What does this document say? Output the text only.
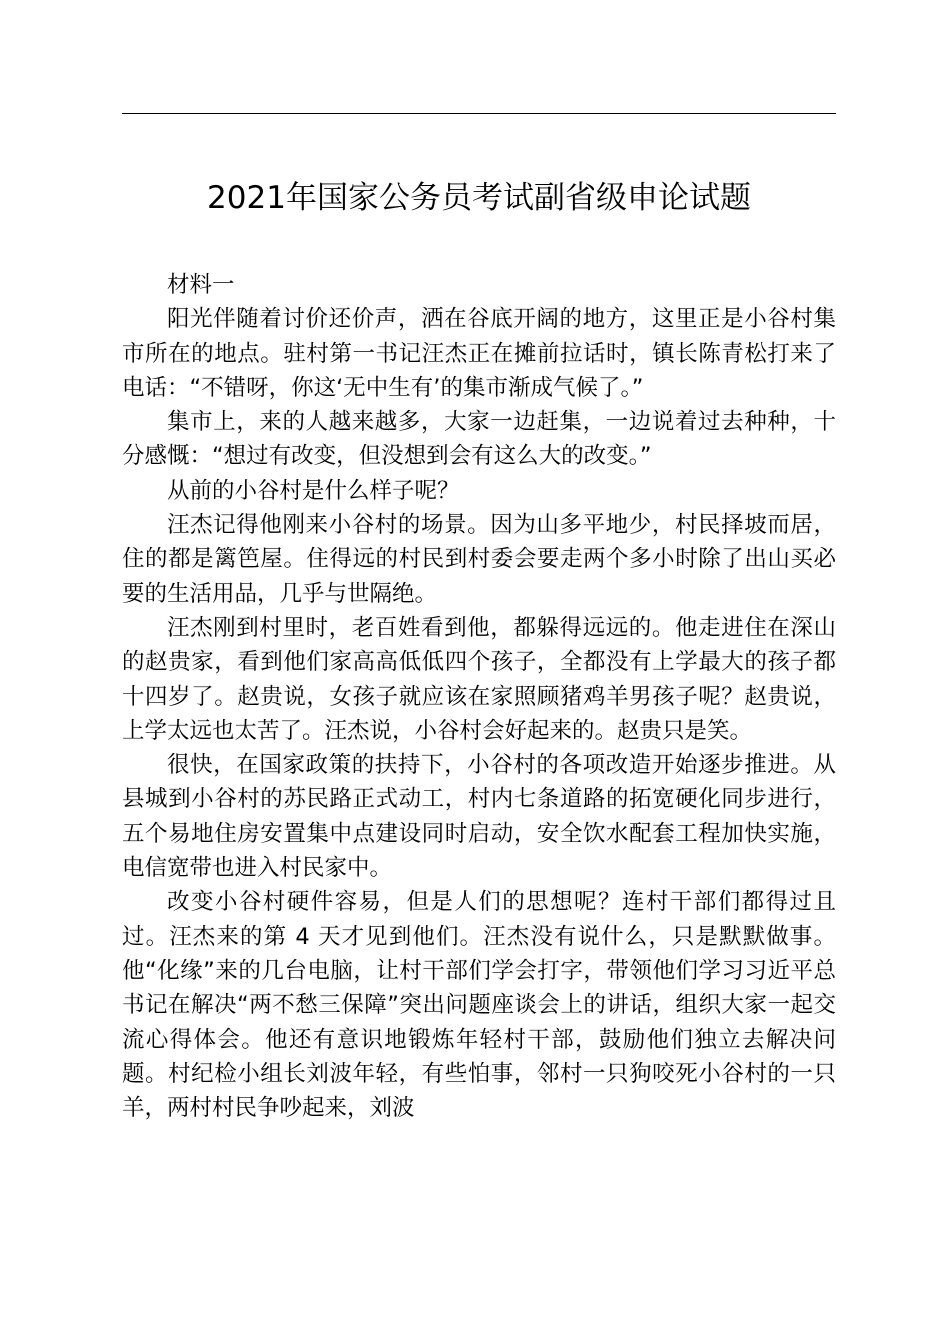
2021年国家公务员考试副省级申论试题

材料一

阳光伴随着讨价还价声，洒在谷底开阔的地方，这里正是小谷村集市所在的地点。驻村第一书记汪杰正在摊前拉话时，镇长陈青松打来了电话：“不错呀，你这‘无中生有’的集市渐成气候了。”

集市上，来的人越来越多，大家一边赶集，一边说着过去种种，十分感慨：“想过有改变，但没想到会有这么大的改变。”

从前的小谷村是什么样子呢？

汪杰记得他刚来小谷村的场景。因为山多平地少，村民择坡而居，住的都是篱笆屋。住得远的村民到村委会要走两个多小时除了出山买必要的生活用品，几乎与世隔绝。

汪杰刚到村里时，老百姓看到他，都躲得远远的。他走进住在深山的赵贵家，看到他们家高高低低四个孩子，全都没有上学最大的孩子都十四岁了。赵贵说，女孩子就应该在家照顾猪鸡羊男孩子呢？赵贵说，上学太远也太苦了。汪杰说，小谷村会好起来的。赵贵只是笑。

很快，在国家政策的扶持下，小谷村的各项改造开始逐步推进。从县城到小谷村的苏民路正式动工，村内七条道路的拓宽硬化同步进行，五个易地住房安置集中点建设同时启动，安全饮水配套工程加快实施，电信宽带也进入村民家中。

改变小谷村硬件容易，但是人们的思想呢？连村干部们都得过且过。汪杰来的第 4 天才见到他们。汪杰没有说什么，只是默默做事。他“化缘”来的几台电脑，让村干部们学会打字，带领他们学习习近平总书记在解决“两不愁三保障”突出问题座谈会上的讲话，组织大家一起交流心得体会。他还有意识地锻炼年轻村干部，鼓励他们独立去解决问题。村纪检小组长刘波年轻，有些怕事，邻村一只狗咬死小谷村的一只羊，两村村民争吵起来，刘波
